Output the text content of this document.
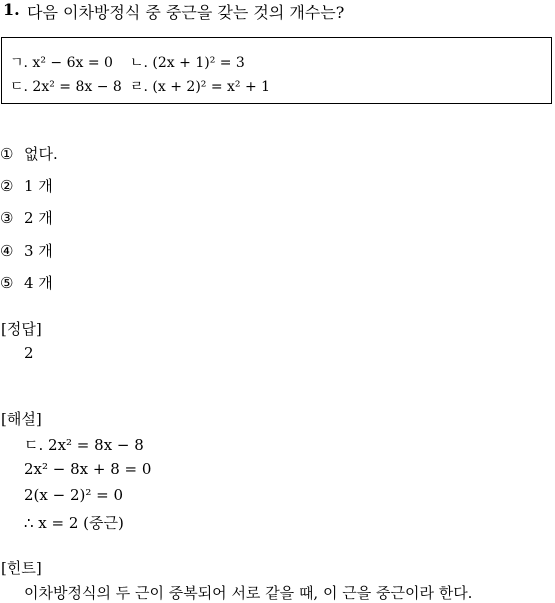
1. 다음 이차방정식 중 중근을 갖는 것의 개수는?
ㄱ. x² − 6x = 0 ㄴ. (2x + 1)² = 3
ㄷ. 2x² = 8x − 8 ㄹ. (x + 2)² = x² + 1
① 없다.
② 1 개
③ 2 개
④ 3 개
⑤ 4 개
[정답]
2
[해설]
ㄷ. 2x² = 8x − 8
2x² − 8x + 8 = 0
2(x − 2)² = 0
∴ x = 2 (중근)
[힌트]
이차방정식의 두 근이 중복되어 서로 같을 때, 이 근을 중근이라 한다.
